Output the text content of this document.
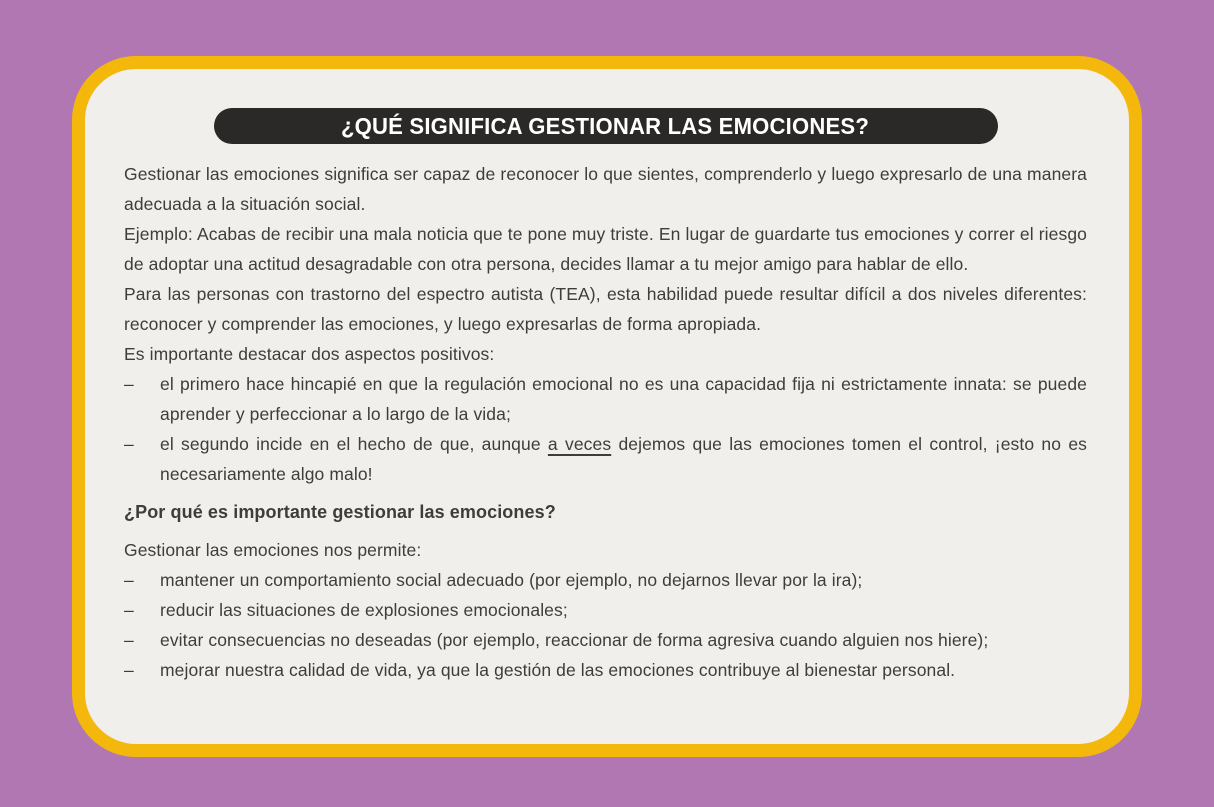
¿QUÉ SIGNIFICA GESTIONAR LAS EMOCIONES?

Gestionar las emociones significa ser capaz de reconocer lo que sientes, comprenderlo y luego expresarlo de una manera adecuada a la situación social.

Ejemplo: Acabas de recibir una mala noticia que te pone muy triste. En lugar de guardarte tus emociones y correr el riesgo de adoptar una actitud desagradable con otra persona, decides llamar a tu mejor amigo para hablar de ello.

Para las personas con trastorno del espectro autista (TEA), esta habilidad puede resultar difícil a dos niveles diferentes: reconocer y comprender las emociones, y luego expresarlas de forma apropiada.

Es importante destacar dos aspectos positivos:

–	el primero hace hincapié en que la regulación emocional no es una capacidad fija ni estrictamente innata: se puede aprender y perfeccionar a lo largo de la vida;
–	el segundo incide en el hecho de que, aunque a veces dejemos que las emociones tomen el control, ¡esto no es necesariamente algo malo!

¿Por qué es importante gestionar las emociones?

Gestionar las emociones nos permite:

–	mantener un comportamiento social adecuado (por ejemplo, no dejarnos llevar por la ira);
–	reducir las situaciones de explosiones emocionales;
–	evitar consecuencias no deseadas (por ejemplo, reaccionar de forma agresiva cuando alguien nos hiere);
–	mejorar nuestra calidad de vida, ya que la gestión de las emociones contribuye al bienestar personal.
